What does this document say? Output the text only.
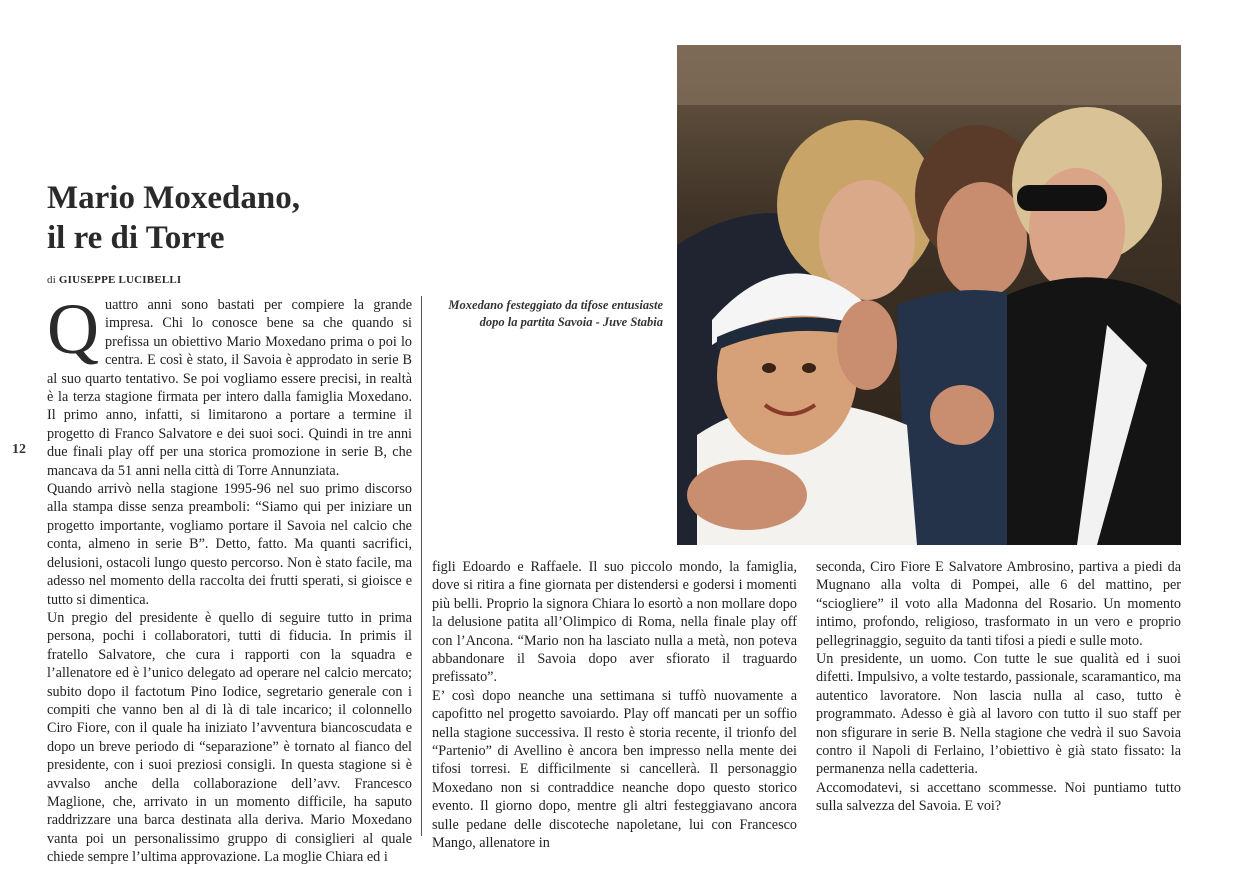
12
Mario Moxedano,
il re di Torre
di GIUSEPPE LUCIBELLI

Quattro anni sono bastati per compiere la grande impresa. Chi lo conosce bene sa che quando si prefissa un obiettivo Mario Moxedano prima o poi lo centra. E così è stato, il Savoia è approdato in serie B al suo quarto tentativo. Se poi vogliamo essere precisi, in realtà è la terza stagione firmata per intero dalla famiglia Moxedano. Il primo anno, infatti, si limitarono a portare a termine il progetto di Franco Salvatore e dei suoi soci. Quindi in tre anni due finali play off per una storica promozione in serie B, che mancava da 51 anni nella città di Torre Annunziata.

Quando arrivò nella stagione 1995-96 nel suo primo discorso alla stampa disse senza preamboli: “Siamo qui per iniziare un progetto importante, vogliamo portare il Savoia nel calcio che conta, almeno in serie B”. Detto, fatto. Ma quanti sacrifici, delusioni, ostacoli lungo questo percorso. Non è stato facile, ma adesso nel momento della raccolta dei frutti sperati, si gioisce e tutto si dimentica.

Un pregio del presidente è quello di seguire tutto in prima persona, pochi i collaboratori, tutti di fiducia. In primis il fratello Salvatore, che cura i rapporti con la squadra e l’allenatore ed è l’unico delegato ad operare nel calcio mercato; subito dopo il factotum Pino Iodice, segretario generale con i compiti che vanno ben al di là di tale incarico; il colonnello Ciro Fiore, con il quale ha iniziato l’avventura biancoscudata e dopo un breve periodo di “separazione” è tornato al fianco del presidente, con i suoi preziosi consigli. In questa stagione si è avvalso anche della collaborazione dell’avv. Francesco Maglione, che, arrivato in un momento difficile, ha saputo raddrizzare una barca destinata alla deriva. Mario Moxedano vanta poi un personalissimo gruppo di consiglieri al quale chiede sempre l’ultima approvazione. La moglie Chiara ed i

Moxedano festeggiato da tifose entusiaste dopo la partita Savoia - Juve Stabia

figli Edoardo e Raffaele. Il suo piccolo mondo, la famiglia, dove si ritira a fine giornata per distendersi e godersi i momenti più belli. Proprio la signora Chiara lo esortò a non mollare dopo la delusione patita all’Olimpico di Roma, nella finale play off con l’Ancona. “Mario non ha lasciato nulla a metà, non poteva abbandonare il Savoia dopo aver sfiorato il traguardo prefissato”.

E’ così dopo neanche una settimana si tuffò nuovamente a capofitto nel progetto savoiardo. Play off mancati per un soffio nella stagione successiva. Il resto è storia recente, il trionfo del “Partenio” di Avellino è ancora ben impresso nella mente dei tifosi torresi. E difficilmente si cancellerà. Il personaggio Moxedano non si contraddice neanche dopo questo storico evento. Il giorno dopo, mentre gli altri festeggiavano ancora sulle pedane delle discoteche napoletane, lui con Francesco Mango, allenatore in

seconda, Ciro Fiore E Salvatore Ambrosino, partiva a piedi da Mugnano alla volta di Pompei, alle 6 del mattino, per “sciogliere” il voto alla Madonna del Rosario. Un momento intimo, profondo, religioso, trasformato in un vero e proprio pellegrinaggio, seguito da tanti tifosi a piedi e sulle moto.

Un presidente, un uomo. Con tutte le sue qualità ed i suoi difetti. Impulsivo, a volte testardo, passionale, scaramantico, ma autentico lavoratore. Non lascia nulla al caso, tutto è programmato. Adesso è già al lavoro con tutto il suo staff per non sfigurare in serie B. Nella stagione che vedrà il suo Savoia contro il Napoli di Ferlaino, l’obiettivo è già stato fissato: la permanenza nella cadetteria.

Accomodatevi, si accettano scommesse. Noi puntiamo tutto sulla salvezza del Savoia. E voi?
